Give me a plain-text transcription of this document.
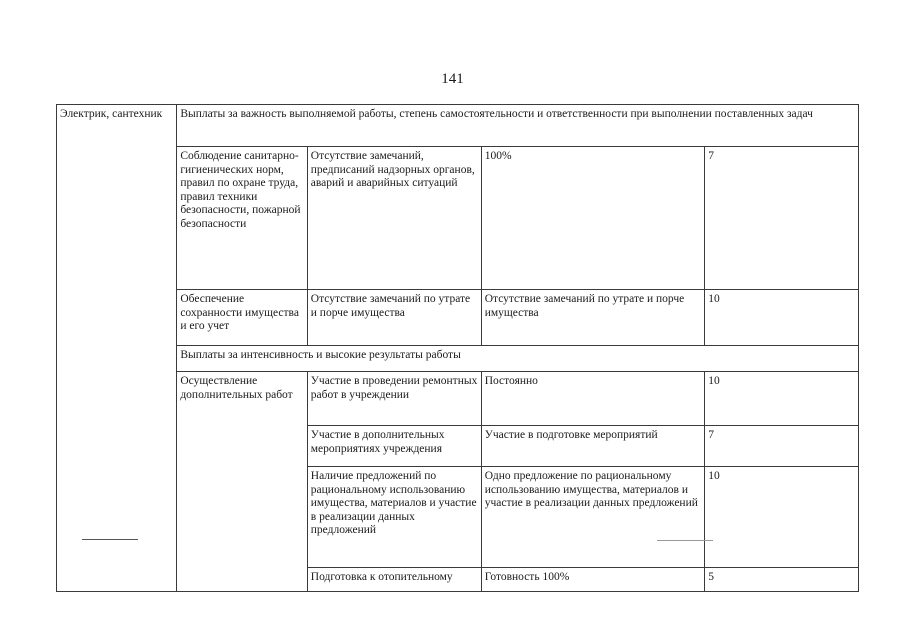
141
Электрик, сантехник	Выплаты за важность выполняемой работы, степень самостоятельности и ответственности при выполнении поставленных задач			
	Соблюдение санитарно-гигиенических норм, правил по охране труда, правил техники безопасности, пожарной безопасности	Отсутствие замечаний, предписаний надзорных органов, аварий и аварийных ситуаций	100%	7
	Обеспечение сохранности имущества и его учет	Отсутствие замечаний по утрате и порче имущества	Отсутствие замечаний по утрате и порче имущества	10
	Выплаты за интенсивность и высокие результаты работы			
	Осуществление дополнительных работ	Участие в проведении ремонтных работ в учреждении	Постоянно	10
		Участие в дополнительных мероприятиях учреждения	Участие в подготовке мероприятий	7
		Наличие предложений по рациональному использованию имущества, материалов и участие в реализации данных предложений	Одно предложение по рациональному использованию имущества, материалов и участие в реализации данных предложений	10
		Подготовка к отопительному	Готовность 100%	5
